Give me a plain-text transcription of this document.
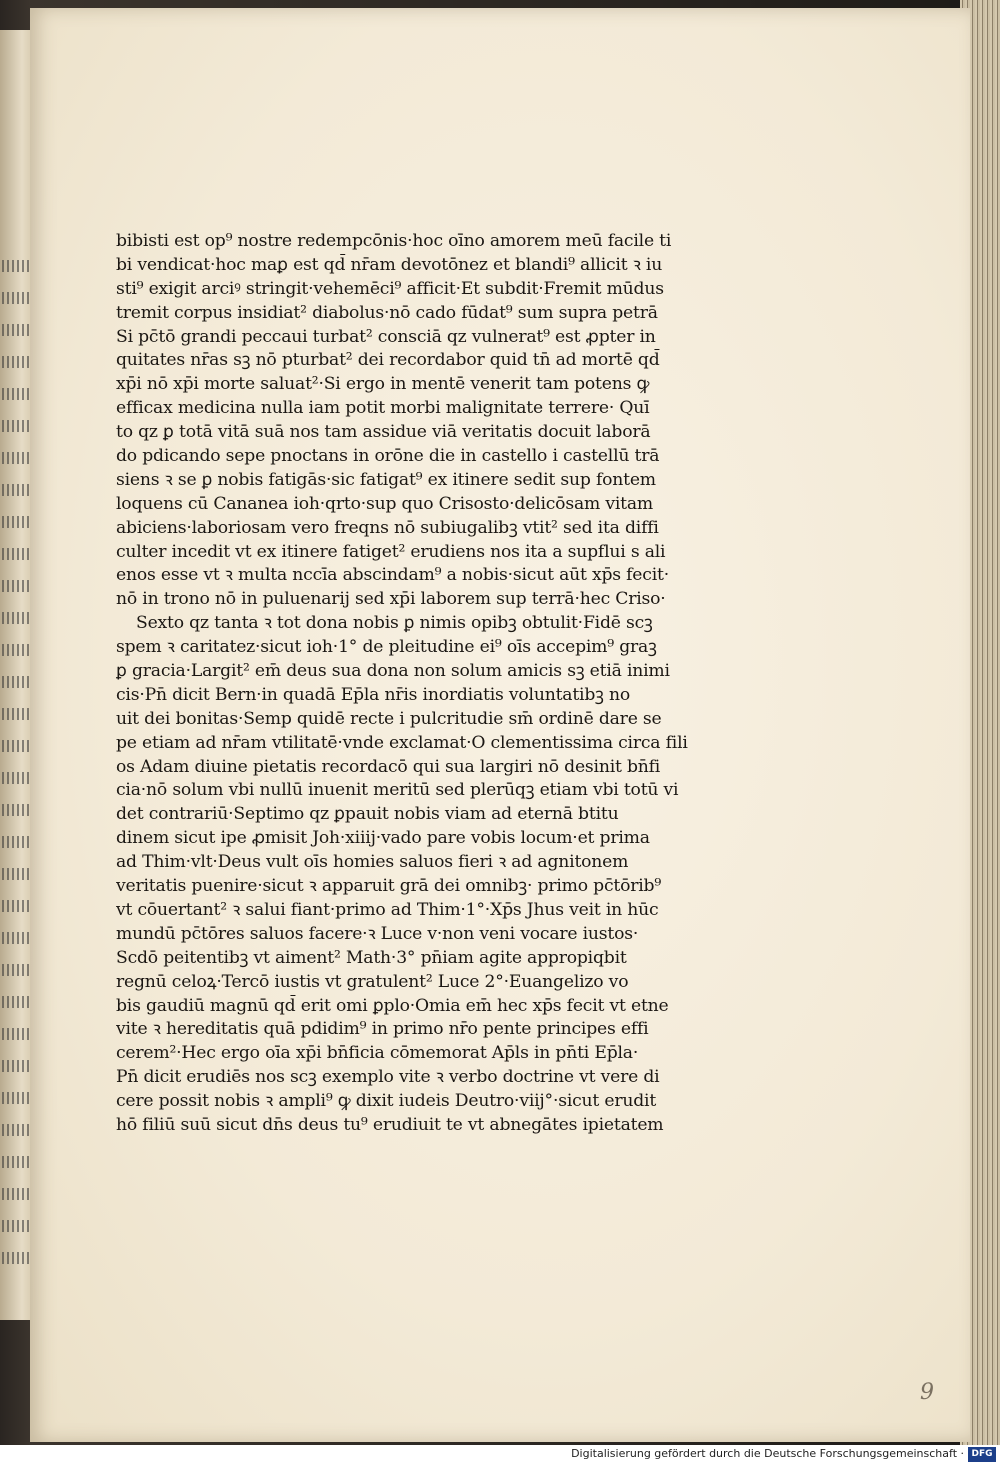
bibisti est op⁹ nostre redempcōnis·hoc oīno amorem meū facile ti
bi vendicat·hoc maꝑ est qd̄ nr̄am devotōnez et blandi⁹ allicit ꝛ iu
sti⁹ exigit arciꝰ stringit·vehemēci⁹ afficit·Et subdit·Fremit mūdus
tremit corpus insidiat² diabolus·nō cado fūdat⁹ sum supra petrā
Si pc̄tō grandi peccaui turbat² consciā qz vulnerat⁹ est ꝓpter in
quitates nr̄as sꝫ nō pturbat² dei recordabor quid tn̄ ad mortē qd̄
xp̄i nō xp̄i morte saluat²·Si ergo in mentē venerit tam potens ꝙ
efficax medicina nulla iam potit morbi malignitate terrere· Quī
to qz ꝑ totā vitā suā nos tam assidue viā veritatis docuit laborā
do pdicando sepe pnoctans in orōne die in castello i castellū trā
siens ꝛ se ꝑ nobis fatigās·sic fatigat⁹ ex itinere sedit sup fontem
loquens cū Cananea ioh·qrto·sup quo Crisosto·delicōsam vitam
abiciens·laboriosam vero freqns nō subiugalibꝫ vtit² sed ita diffi
culter incedit vt ex itinere fatiget² erudiens nos ita a supflui s ali
enos esse vt ꝛ multa nccīa abscindam⁹ a nobis·sicut aūt xp̄s fecit·
nō in trono nō in puluenarij sed xp̄i laborem sup terrā·hec Criso·
Sexto qz tanta ꝛ tot dona nobis ꝑ nimis opibꝫ obtulit·Fidē scꝫ
spem ꝛ caritatez·sicut ioh·1° de pleitudine ei⁹ oīs accepim⁹ graꝫ
ꝑ gracia·Largit² em̄ deus sua dona non solum amicis sꝫ etiā inimi
cis·Pn̄ dicit Bern·in quadā Ep̄la nr̄is inordiatis voluntatibꝫ no
uit dei bonitas·Semp quidē recte i pulcritudie sm̄ ordinē dare se
pe etiam ad nr̄am vtilitatē·vnde exclamat·O clementissima circa fili
os Adam diuine pietatis recordacō qui sua largiri nō desinit bn̄fi
cia·nō solum vbi nullū inuenit meritū sed plerūqꝫ etiam vbi totū vi
det contrariū·Septimo qz ꝑpauit nobis viam ad eternā btitu
dinem sicut ipe ꝓmisit Joh·xiiij·vado pare vobis locum·et prima
ad Thim·vlt·Deus vult oīs homies saluos fieri ꝛ ad agnitonem
veritatis puenire·sicut ꝛ apparuit grā dei omnibꝫ· primo pc̄tōrib⁹
vt cōuertant² ꝛ salui fiant·primo ad Thim·1°·Xp̄s Jhus veit in hūc
mundū pc̄tōres saluos facere·ꝛ Luce v·non veni vocare iustos·
Scdō peitentibꝫ vt aiment² Math·3° pn̄iam agite appropiqbit
regnū celoꝝ·Tercō iustis vt gratulent² Luce 2°·Euangelizo vo
bis gaudiū magnū qd̄ erit omi ꝑplo·Omia em̄ hec xp̄s fecit vt etne
vite ꝛ hereditatis quā pdidim⁹ in primo nr̄o pente principes effi
cerem²·Hec ergo oīa xp̄i bn̄ficia cōmemorat Ap̄ls in pn̄ti Ep̄la·
Pn̄ dicit erudiēs nos scꝫ exemplo vite ꝛ verbo doctrine vt vere di
cere possit nobis ꝛ ampli⁹ ꝙ dixit iudeis Deutro·viij°·sicut erudit
hō filiū suū sicut dn̄s deus tu⁹ erudiuit te vt abnegātes ipietatem
9
Digitalisierung gefördert durch die Deutsche Forschungsgemeinschaft · DFG
